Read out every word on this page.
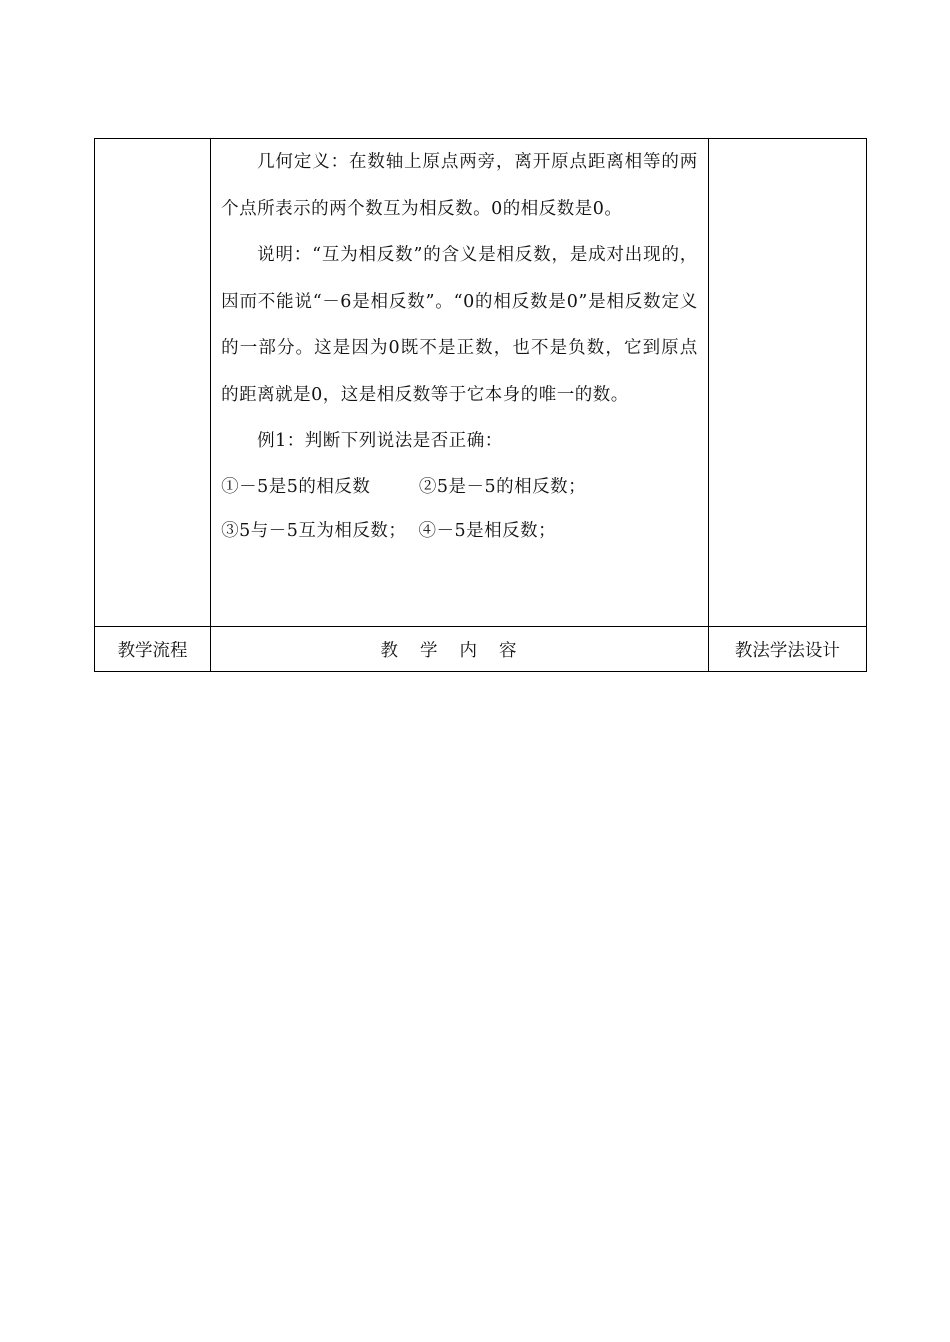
	几何定义：在数轴上原点两旁，离开原点距离相等的两个点所表示的两个数互为相反数。0的相反数是0。

说明：“互为相反数”的含义是相反数，是成对出现的，因而不能说“－6是相反数”。“0的相反数是0”是相反数定义的一部分。这是因为0既不是正数，也不是负数，它到原点的距离就是0，这是相反数等于它本身的唯一的数。

例1：判断下列说法是否正确：

①－5是5的相反数        ②5是－5的相反数；

③5与－5互为相反数；  ④－5是相反数；	

教学流程	教学内容	教法学法设计
